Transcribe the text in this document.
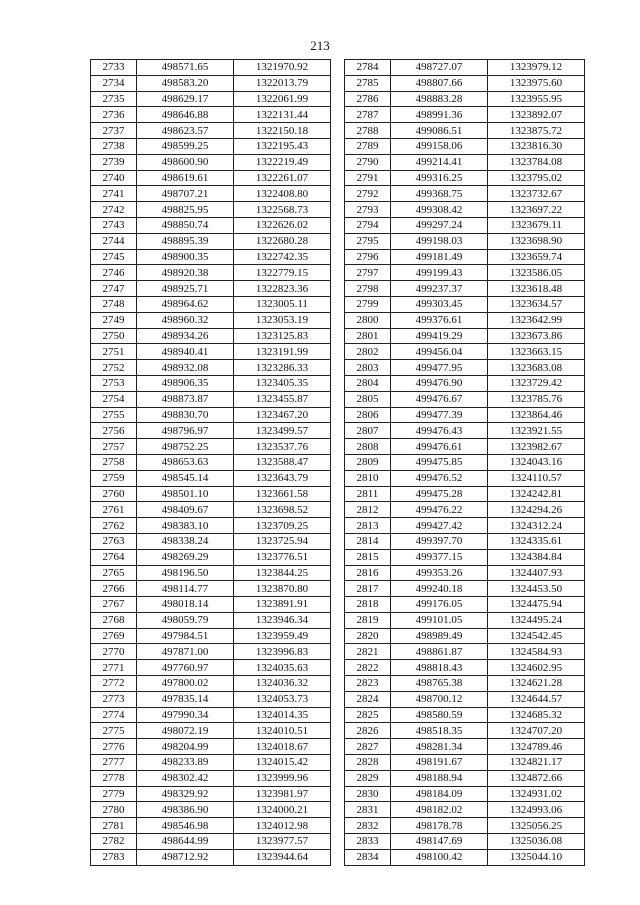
213
2733	498571.65	1321970.92
2734	498583.20	1322013.79
2735	498629.17	1322061.99
2736	498646.88	1322131.44
2737	498623.57	1322150.18
2738	498599.25	1322195.43
2739	498600.90	1322219.49
2740	498619.61	1322261.07
2741	498707.21	1322408.80
2742	498825.95	1322568.73
2743	498850.74	1322626.02
2744	498895.39	1322680.28
2745	498900.35	1322742.35
2746	498920.38	1322779.15
2747	498925.71	1322823.36
2748	498964.62	1323005.11
2749	498960.32	1323053.19
2750	498934.26	1323125.83
2751	498940.41	1323191.99
2752	498932.08	1323286.33
2753	498906.35	1323405.35
2754	498873.87	1323455.87
2755	498830.70	1323467.20
2756	498796.97	1323499.57
2757	498752.25	1323537.76
2758	498653.63	1323588.47
2759	498545.14	1323643.79
2760	498501.10	1323661.58
2761	498409.67	1323698.52
2762	498383.10	1323709.25
2763	498338.24	1323725.94
2764	498269.29	1323776.51
2765	498196.50	1323844.25
2766	498114.77	1323870.80
2767	498018.14	1323891.91
2768	498059.79	1323946.34
2769	497984.51	1323959.49
2770	497871.00	1323996.83
2771	497760.97	1324035.63
2772	497800.02	1324036.32
2773	497835.14	1324053.73
2774	497990.34	1324014.35
2775	498072.19	1324010.51
2776	498204.99	1324018.67
2777	498233.89	1324015.42
2778	498302.42	1323999.96
2779	498329.92	1323981.97
2780	498386.90	1324000.21
2781	498546.98	1324012.98
2782	498644.99	1323977.57
2783	498712.92	1323944.64
2784	498727.07	1323979.12
2785	498807.66	1323975.60
2786	498883.28	1323955.95
2787	498991.36	1323892.07
2788	499086.51	1323875.72
2789	499158.06	1323816.30
2790	499214.41	1323784.08
2791	499316.25	1323795.02
2792	499368.75	1323732.67
2793	499308.42	1323697.22
2794	499297.24	1323679.11
2795	499198.03	1323698.90
2796	499181.49	1323659.74
2797	499199.43	1323586.05
2798	499237.37	1323618.48
2799	499303.45	1323634.57
2800	499376.61	1323642.99
2801	499419.29	1323673.86
2802	499456.04	1323663.15
2803	499477.95	1323683.08
2804	499476.90	1323729.42
2805	499476.67	1323785.76
2806	499477.39	1323864.46
2807	499476.43	1323921.55
2808	499476.61	1323982.67
2809	499475.85	1324043.16
2810	499476.52	1324110.57
2811	499475.28	1324242.81
2812	499476.22	1324294.26
2813	499427.42	1324312.24
2814	499397.70	1324335.61
2815	499377.15	1324384.84
2816	499353.26	1324407.93
2817	499240.18	1324453.50
2818	499176.05	1324475.94
2819	499101.05	1324495.24
2820	498989.49	1324542.45
2821	498861.87	1324584.93
2822	498818.43	1324602.95
2823	498765.38	1324621.28
2824	498700.12	1324644.57
2825	498580.59	1324685.32
2826	498518.35	1324707.20
2827	498281.34	1324789.46
2828	498191.67	1324821.17
2829	498188.94	1324872.66
2830	498184.09	1324931.02
2831	498182.02	1324993.06
2832	498178.78	1325056.25
2833	498147.69	1325036.08
2834	498100.42	1325044.10
